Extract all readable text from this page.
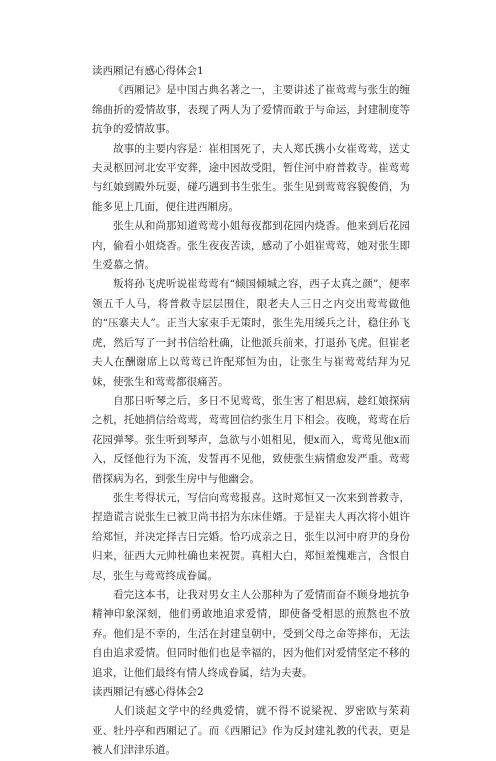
读西厢记有感心得体会1

《西厢记》是中国古典名著之一，主要讲述了崔莺莺与张生的缠绵曲折的爱情故事，表现了两人为了爱情而敢于与命运，封建制度等抗争的爱情故事。

故事的主要内容是：崔相国死了，夫人郑氏携小女崔莺莺，送丈夫灵柩回河北安平安葬，途中因故受阻，暂住河中府普救寺。崔莺莺与红娘到殿外玩耍，碰巧遇到书生张生。张生见到莺莺容貌俊俏，为能多见上几面，便住进西厢房。

张生从和尚那知道莺莺小姐每夜都到花园内烧香。他来到后花园内，偷看小姐烧香。张生夜夜苦读，感动了小姐崔莺莺，她对张生即生爱慕之情。

叛将孙飞虎听说崔莺莺有“倾国倾城之容，西子太真之颜”，便率领五千人马，将普救寺层层围住，限老夫人三日之内交出莺莺做他的“压寨夫人”。正当大家束手无策时，张生先用缓兵之计，稳住孙飞虎，然后写了一封书信给杜确，让他派兵前来，打退孙飞虎。但崔老夫人在酬谢席上以莺莺已许配郑恒为由，让张生与崔莺莺结拜为兄妹，使张生和莺莺都很痛苦。

自那日听琴之后，多日不见莺莺，张生害了相思病，趁红娘探病之机，托她捎信给莺莺，莺莺回信约张生月下相会。夜晚，莺莺在后花园弹琴。张生听到琴声，急欲与小姐相见，便x而入，莺莺见他x而入，反怪他行为下流，发誓再不见他，致使张生病情愈发严重。莺莺借探病为名，到张生房中与他幽会。

张生考得状元，写信向莺莺报喜。这时郑恒又一次来到普救寺，捏造谎言说张生已被卫尚书招为东床佳婿。于是崔夫人再次将小姐许给郑恒，并决定择吉日完婚。恰巧成亲之日，张生以河中府尹的身份归来，征西大元帅杜确也来祝贺。真相大白，郑恒羞愧难言，含恨自尽，张生与莺莺终成眷属。

看完这本书，让我对男女主人公那种为了爱情而奋不顾身地抗争精神印象深刻，他们勇敢地追求爱情，即使备受相思的煎熬也不放弃。他们是不幸的，生活在封建皇朝中，受到父母之命等摔布，无法自由追求爱情。但同时他们也是幸福的，因为他们对爱情坚定不移的追求，让他们最终有情人终成眷属，结为夫妻。

读西厢记有感心得体会2

人们谈起文学中的经典爱情，就不得不说梁祝、罗密欧与茱莉亚、牡丹亭和西厢记了。而《西厢记》作为反封建礼教的代表，更是被人们津津乐道。
